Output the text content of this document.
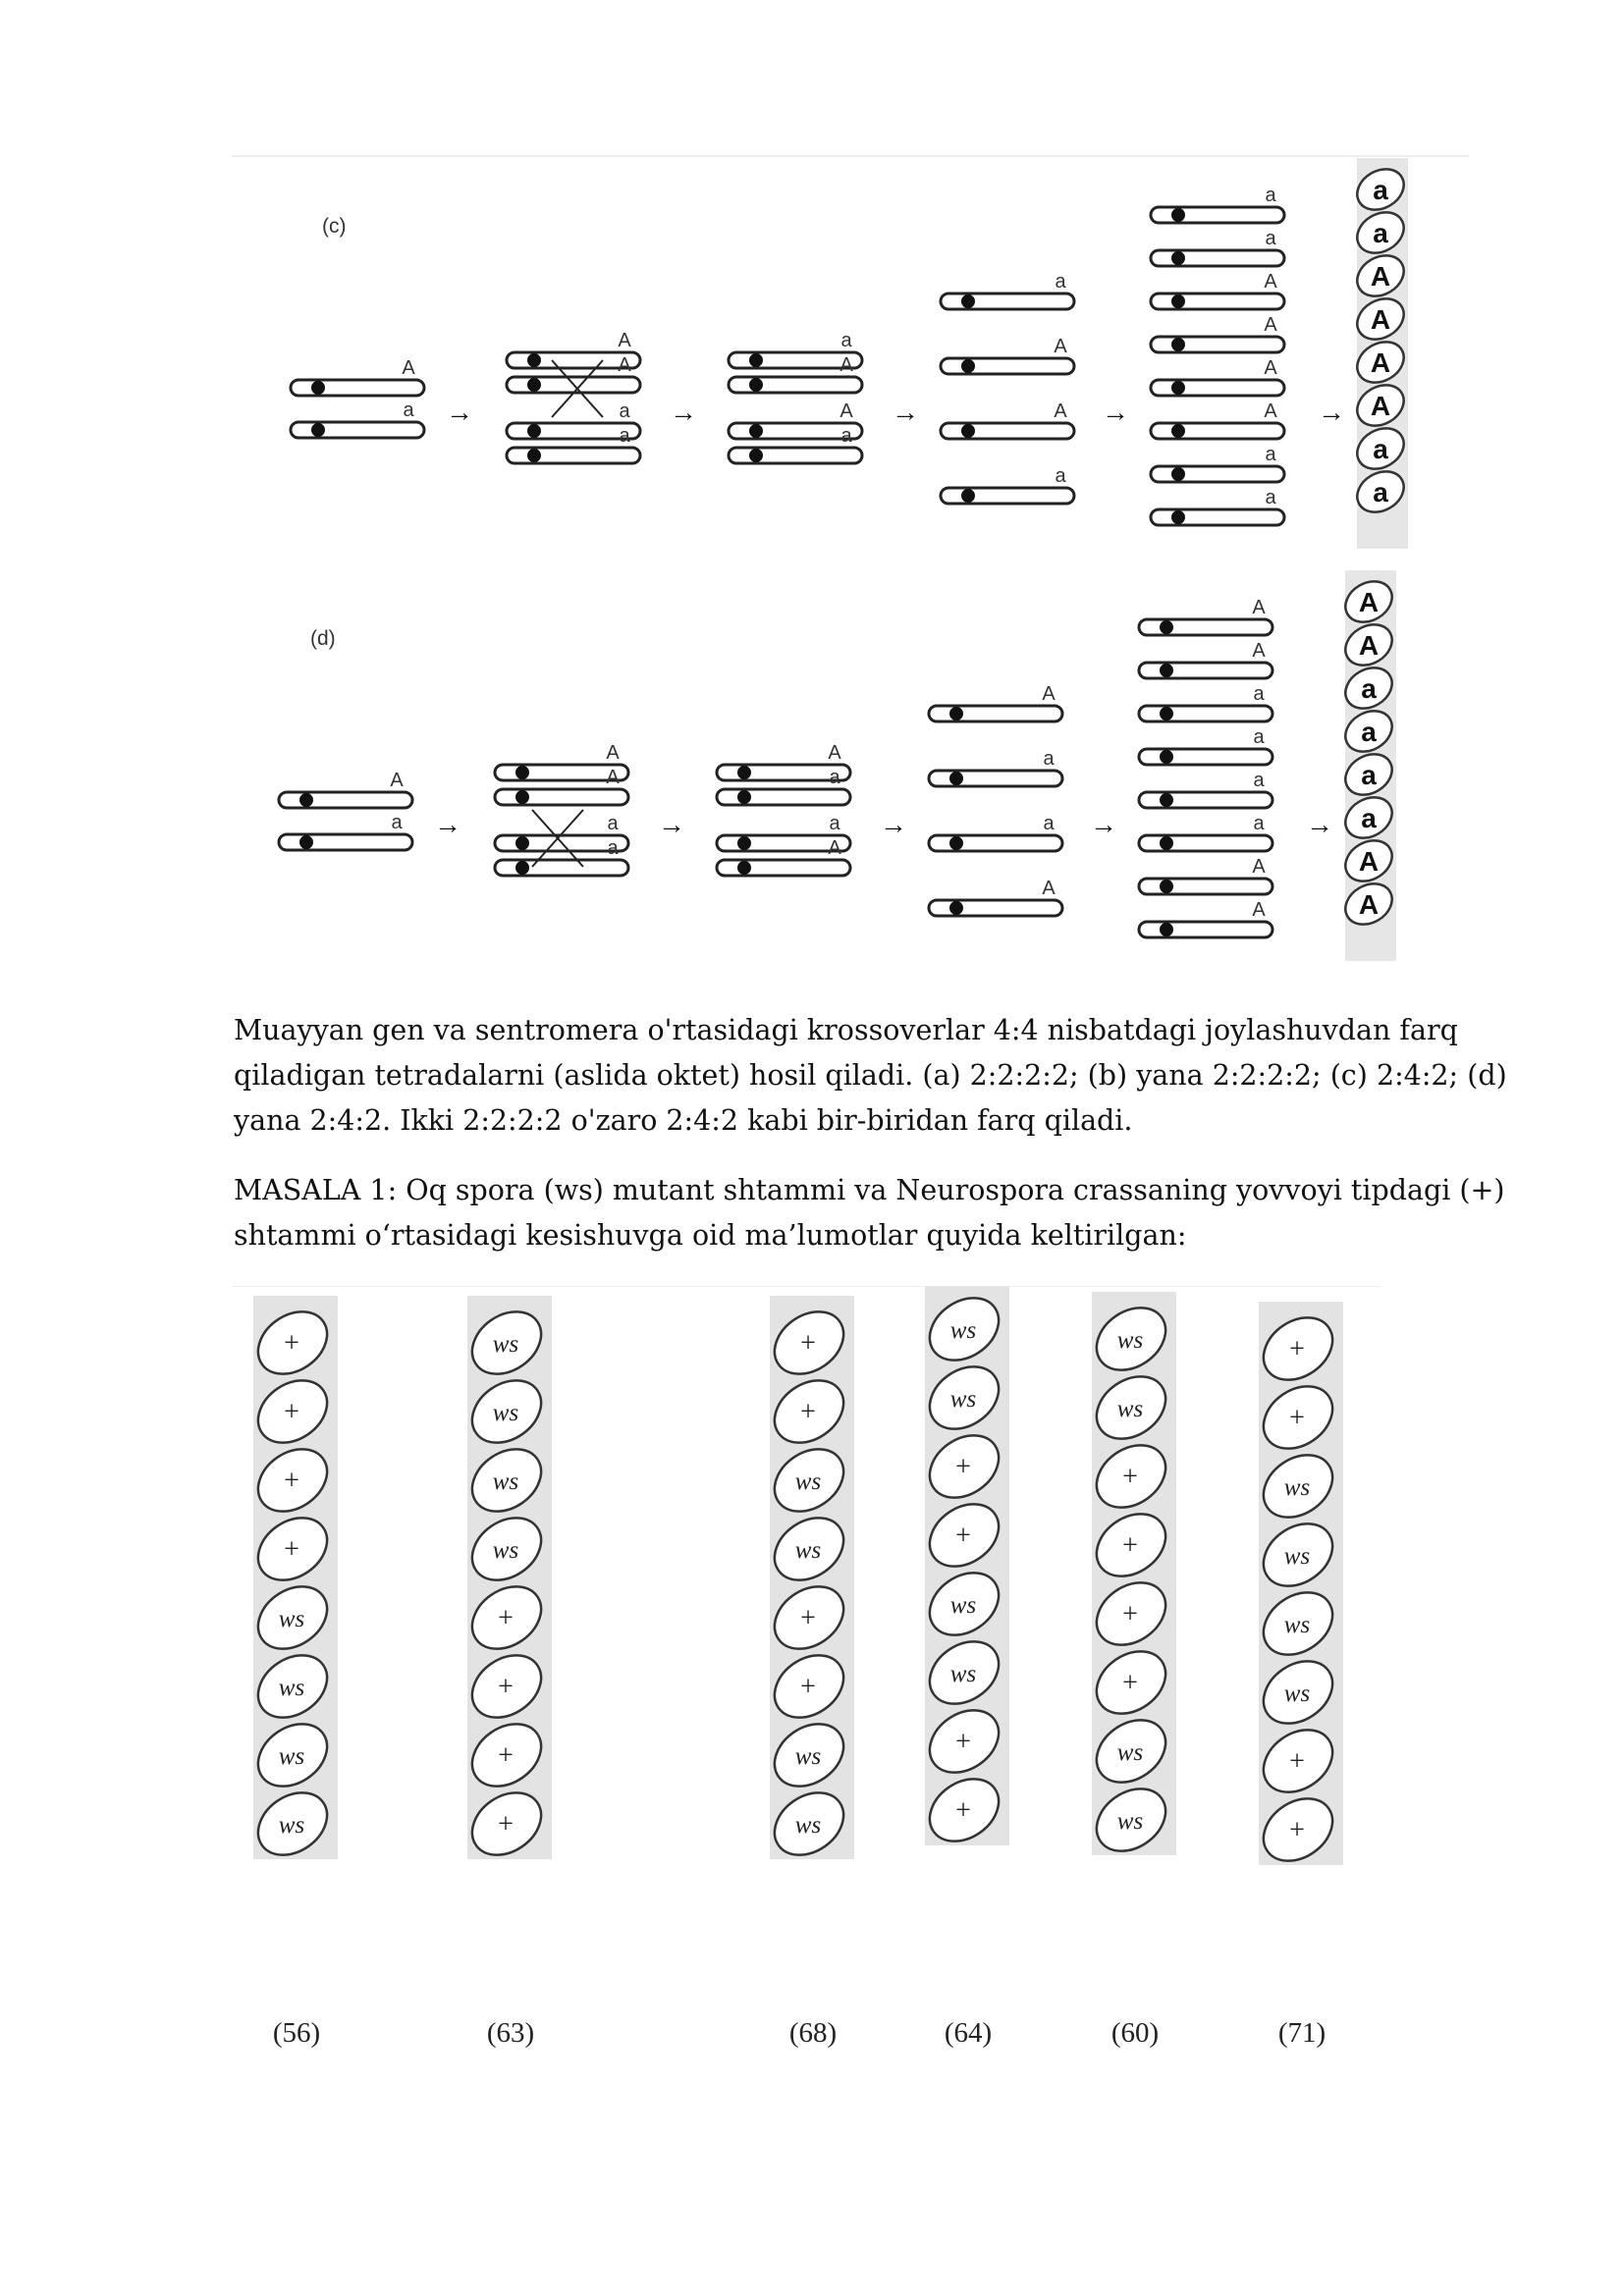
(c)
A
a →
A
A
a
a
→
a
A
A
a
→
a
A
A
a
→
a
a
A
A
A
A
a
a
→
a
a
A
A
A
A
a
a
(d)
A
a →
A
A
a
a
→
A
a
a
A
→
A
a
a
A
→
A
A
a
a
a
a
A
A
→
A
A
a
a
a
a
A
A

Muayyan gen va sentromera o'rtasidagi krossoverlar 4:4 nisbatdagi joylashuvdan farq qiladigan tetradalarni (aslida oktet) hosil qiladi. (a) 2:2:2:2; (b) yana 2:2:2:2; (c) 2:4:2; (d) yana 2:4:2. Ikki 2:2:2:2 o'zaro 2:4:2 kabi bir-biridan farq qiladi.

MASALA 1: Oq spora (ws) mutant shtammi va Neurospora crassaning yovvoyi tipdagi (+) shtammi o‘rtasidagi kesishuvga oid ma’lumotlar quyida keltirilgan:

+
+
+
+
ws
ws
ws
ws
(56)
ws
ws
ws
ws
+
+
+
+
(63)
+
+
ws
ws
+
+
ws
ws
(68)
ws
ws
+
+
ws
ws
+
+
(64)
ws
ws
+
+
+
+
ws
ws
(60)
+
+
ws
ws
ws
ws
+
+
(71)
